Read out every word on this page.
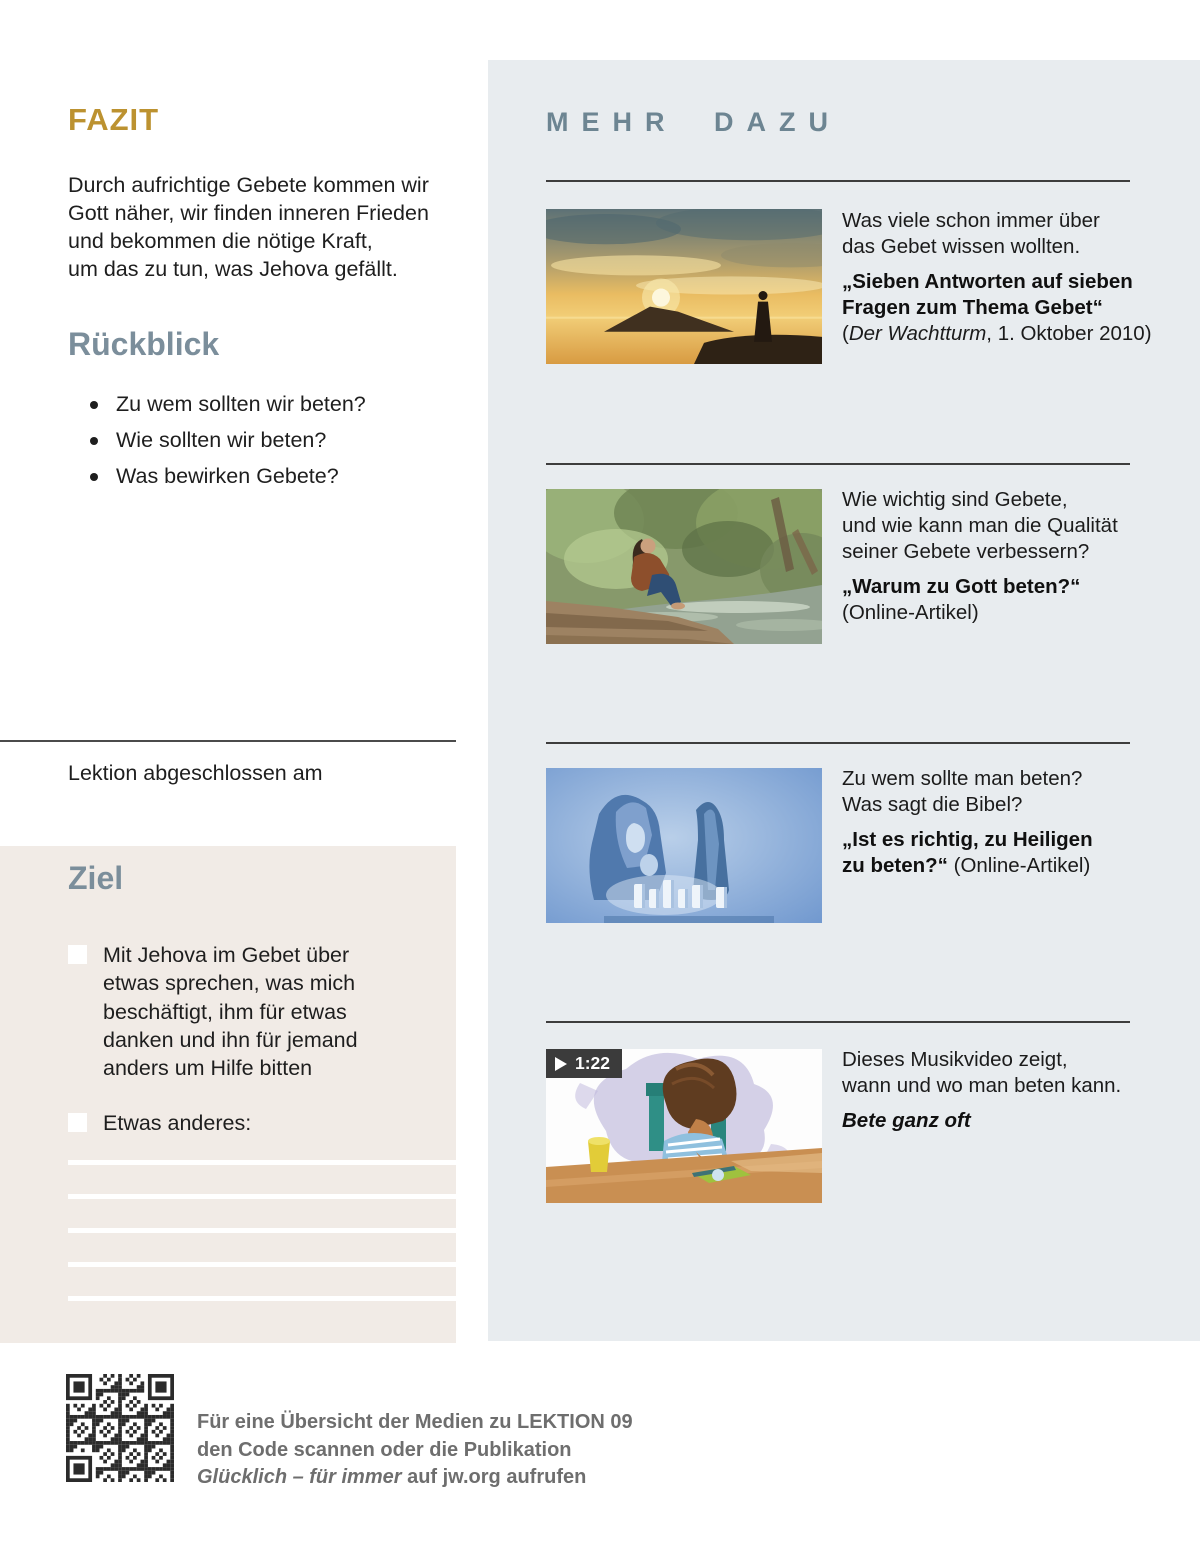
FAZIT
Durch aufrichtige Gebete kommen wir
Gott näher, wir finden inneren Frieden
und bekommen die nötige Kraft,
um das zu tun, was Jehova gefällt.
Rückblick
Zu wem sollten wir beten?
Wie sollten wir beten?
Was bewirken Gebete?
Lektion abgeschlossen am
Ziel
Mit Jehova im Gebet über
etwas sprechen, was mich
beschäftigt, ihm für etwas
danken und ihn für jemand
anders um Hilfe bitten
Etwas anderes:
MEHR DAZU
Was viele schon immer über
das Gebet wissen wollten.
„Sieben Antworten auf sieben
Fragen zum Thema Gebet“
(Der Wachtturm, 1. Oktober 2010)
Wie wichtig sind Gebete,
und wie kann man die Qualität
seiner Gebete verbessern?
„Warum zu Gott beten?“
(Online-Artikel)
Zu wem sollte man beten?
Was sagt die Bibel?
„Ist es richtig, zu Heiligen
zu beten?“ (Online-Artikel)
1:22	Dieses Musikvideo zeigt,
wann und wo man beten kann.
Bete ganz oft
Für eine Übersicht der Medien zu LEKTION 09
den Code scannen oder die Publikation
Glücklich – für immer auf jw.org aufrufen
